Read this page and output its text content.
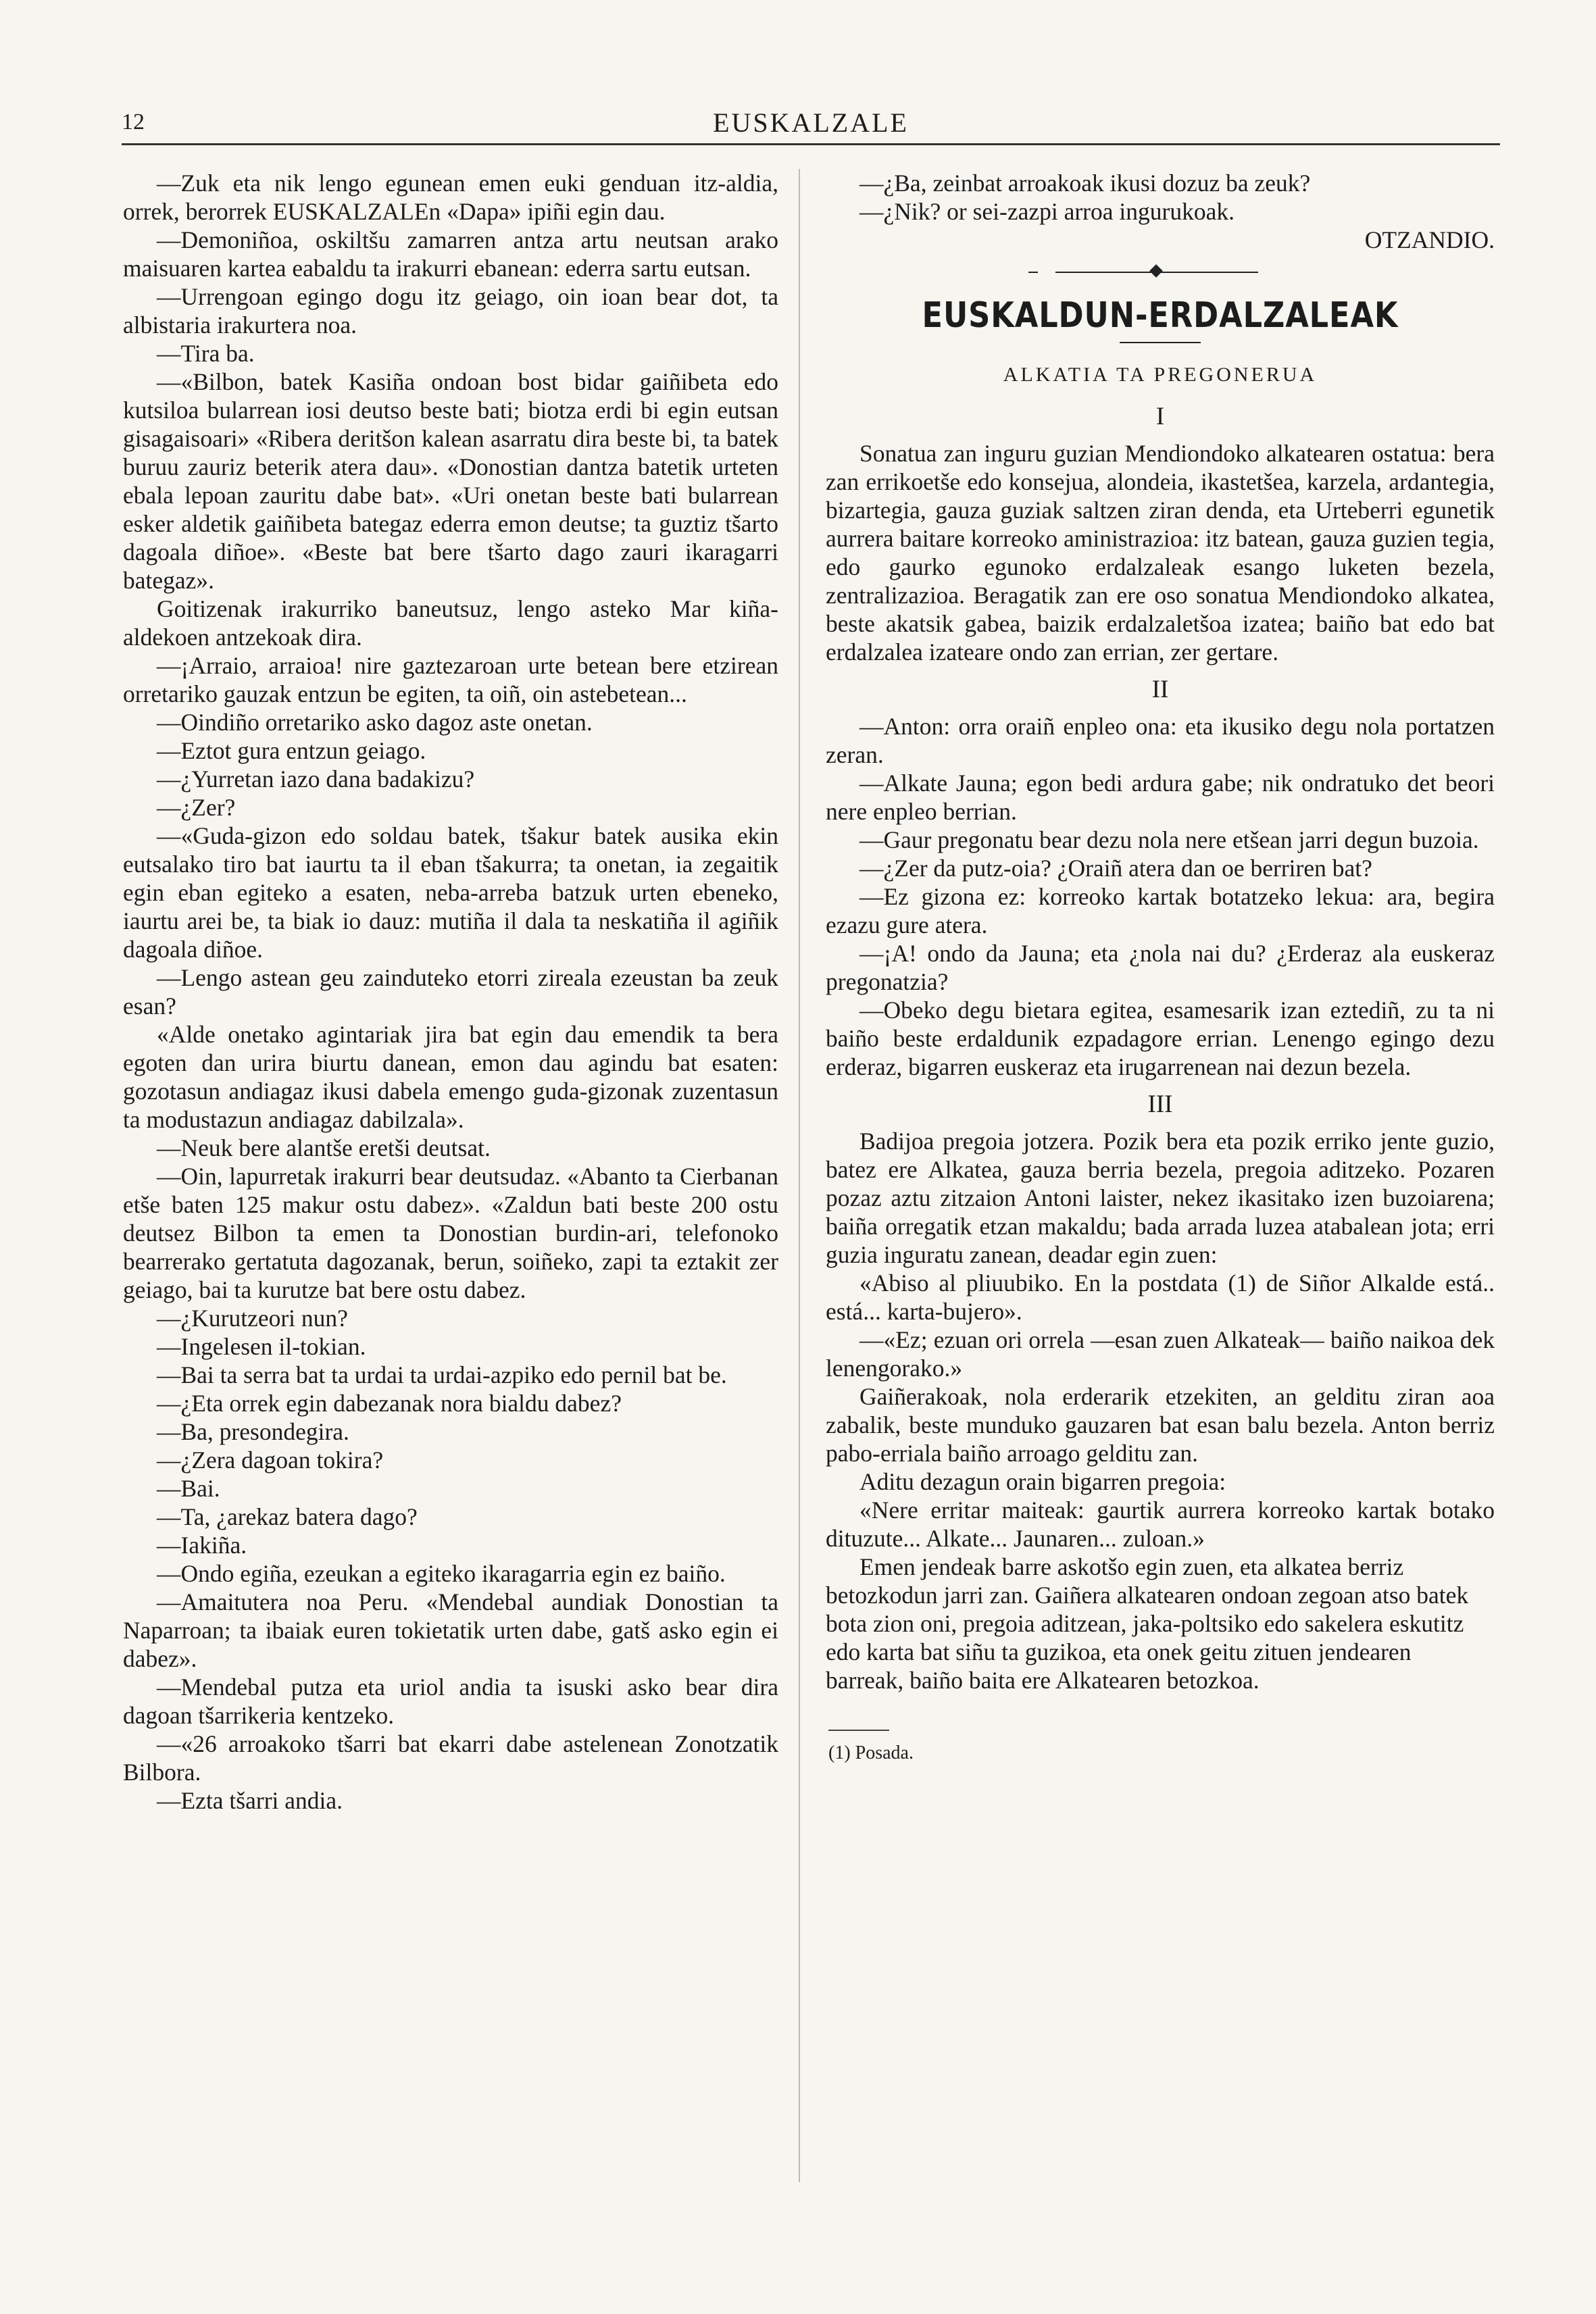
12	EUSKALZALE

—Zuk eta nik lengo egunean emen euki genduan itz-aldia, orrek, berorrek EUSKALZALEn «Dapa» ipiñi egin dau.

—Demoniñoa, oskiltšu zamarren antza artu neutsan arako maisuaren kartea eabaldu ta irakurri ebanean: ederra sartu eutsan.

—Urrengoan egingo dogu itz geiago, oin ioan bear dot, ta albistaria irakurtera noa.

—Tira ba.

—«Bilbon, batek Kasiña ondoan bost bidar gaiñibeta edo kutsiloa bularrean iosi deutso beste bati; biotza erdi bi egin eutsan gisagaisoari» «Ribera deritšon kalean asarratu dira beste bi, ta batek buruu zauriz beterik atera dau». «Donostian dantza batetik urteten ebala lepoan zauritu dabe bat». «Uri onetan beste bati bularrean esker aldetik gaiñibeta bategaz ederra emon deutse; ta guztiz tšarto dagoala diñoe». «Beste bat bere tšarto dago zauri ikaragarri bategaz».

Goitizenak irakurriko baneutsuz, lengo asteko Mar kiña-aldekoen antzekoak dira.

—¡Arraio, arraioa! nire gaztezaroan urte betean bere etzirean orretariko gauzak entzun be egiten, ta oiñ, oin astebetean...

—Oindiño orretariko asko dagoz aste onetan.

—Eztot gura entzun geiago.

—¿Yurretan iazo dana badakizu?

—¿Zer?

—«Guda-gizon edo soldau batek, tšakur batek ausika ekin eutsalako tiro bat iaurtu ta il eban tšakurra; ta onetan, ia zegaitik egin eban egiteko a esaten, neba-arreba batzuk urten ebeneko, iaurtu arei be, ta biak io dauz: mutiña il dala ta neskatiña il agiñik dagoala diñoe.

—Lengo astean geu zainduteko etorri zireala ezeustan ba zeuk esan?

«Alde onetako agintariak jira bat egin dau emendik ta bera egoten dan urira biurtu danean, emon dau agindu bat esaten: gozotasun andiagaz ikusi dabela emengo guda-gizonak zuzentasun ta modustazun andiagaz dabilzala».

—Neuk bere alantše eretši deutsat.

—Oin, lapurretak irakurri bear deutsudaz. «Abanto ta Cierbanan etše baten 125 makur ostu dabez». «Zaldun bati beste 200 ostu deutsez Bilbon ta emen ta Donostian burdin-ari, telefonoko bearrerako gertatuta dagozanak, berun, soiñeko, zapi ta eztakit zer geiago, bai ta kurutze bat bere ostu dabez.

—¿Kurutzeori nun?

—Ingelesen il-tokian.

—Bai ta serra bat ta urdai ta urdai-azpiko edo pernil bat be.

—¿Eta orrek egin dabezanak nora bialdu dabez?

—Ba, presondegira.

—¿Zera dagoan tokira?

—Bai.

—Ta, ¿arekaz batera dago?

—Iakiña.

—Ondo egiña, ezeukan a egiteko ikaragarria egin ez baiño.

—Amaitutera noa Peru. «Mendebal aundiak Donostian ta Naparroan; ta ibaiak euren tokietatik urten dabe, gatš asko egin ei dabez».

—Mendebal putza eta uriol andia ta isuski asko bear dira dagoan tšarrikeria kentzeko.

—«26 arroakoko tšarri bat ekarri dabe astelenean Zonotzatik Bilbora.

—Ezta tšarri andia.

—¿Ba, zeinbat arroakoak ikusi dozuz ba zeuk?

—¿Nik? or sei-zazpi arroa ingurukoak.

OTZANDIO.

EUSKALDUN-ERDALZALEAK
ALKATIA TA PREGONERUA
I

Sonatua zan inguru guzian Mendiondoko alkatearen ostatua: bera zan errikoetše edo konsejua, alondeia, ikastetšea, karzela, ardantegia, bizartegia, gauza guziak saltzen ziran denda, eta Urteberri egunetik aurrera baitare korreoko aministrazioa: itz batean, gauza guzien tegia, edo gaurko egunoko erdalzaleak esango luketen bezela, zentralizazioa. Beragatik zan ere oso sonatua Mendiondoko alkatea, beste akatsik gabea, baizik erdalzaletšoa izatea; baiño bat edo bat erdalzalea izateare ondo zan errian, zer gertare.

II

—Anton: orra oraiñ enpleo ona: eta ikusiko degu nola portatzen zeran.

—Alkate Jauna; egon bedi ardura gabe; nik ondratuko det beori nere enpleo berrian.

—Gaur pregonatu bear dezu nola nere etšean jarri degun buzoia.

—¿Zer da putz-oia? ¿Oraiñ atera dan oe berriren bat?

—Ez gizona ez: korreoko kartak botatzeko lekua: ara, begira ezazu gure atera.

—¡A! ondo da Jauna; eta ¿nola nai du? ¿Erderaz ala euskeraz pregonatzia?

—Obeko degu bietara egitea, esamesarik izan eztediñ, zu ta ni baiño beste erdaldunik ezpadagore errian. Lenengo egingo dezu erderaz, bigarren euskeraz eta irugarrenean nai dezun bezela.

III

Badijoa pregoia jotzera. Pozik bera eta pozik erriko jente guzio, batez ere Alkatea, gauza berria bezela, pregoia aditzeko. Pozaren pozaz aztu zitzaion Antoni laister, nekez ikasitako izen buzoiarena; baiña orregatik etzan makaldu; bada arrada luzea atabalean jota; erri guzia inguratu zanean, deadar egin zuen:

«Abiso al pliuubiko. En la postdata (1) de Siñor Alkalde está.. está... karta-bujero».

—«Ez; ezuan ori orrela —esan zuen Alkateak— baiño naikoa dek lenengorako.»

Gaiñerakoak, nola erderarik etzekiten, an gelditu ziran aoa zabalik, beste munduko gauzaren bat esan balu bezela. Anton berriz pabo-erriala baiño arroago gelditu zan.

Aditu dezagun orain bigarren pregoia:

«Nere erritar maiteak: gaurtik aurrera korreoko kartak botako dituzute... Alkate... Jaunaren... zuloan.»

Emen jendeak barre askotšo egin zuen, eta alkatea berriz betozkodun jarri zan. Gaiñera alkatearen ondoan zegoan atso batek bota zion oni, pregoia aditzean, jaka-poltsiko edo sakelera eskutitz edo karta bat siñu ta guzikoa, eta onek geitu zituen jendearen barreak, baiño baita ere Alkatearen betozkoa.

(1) Posada.
